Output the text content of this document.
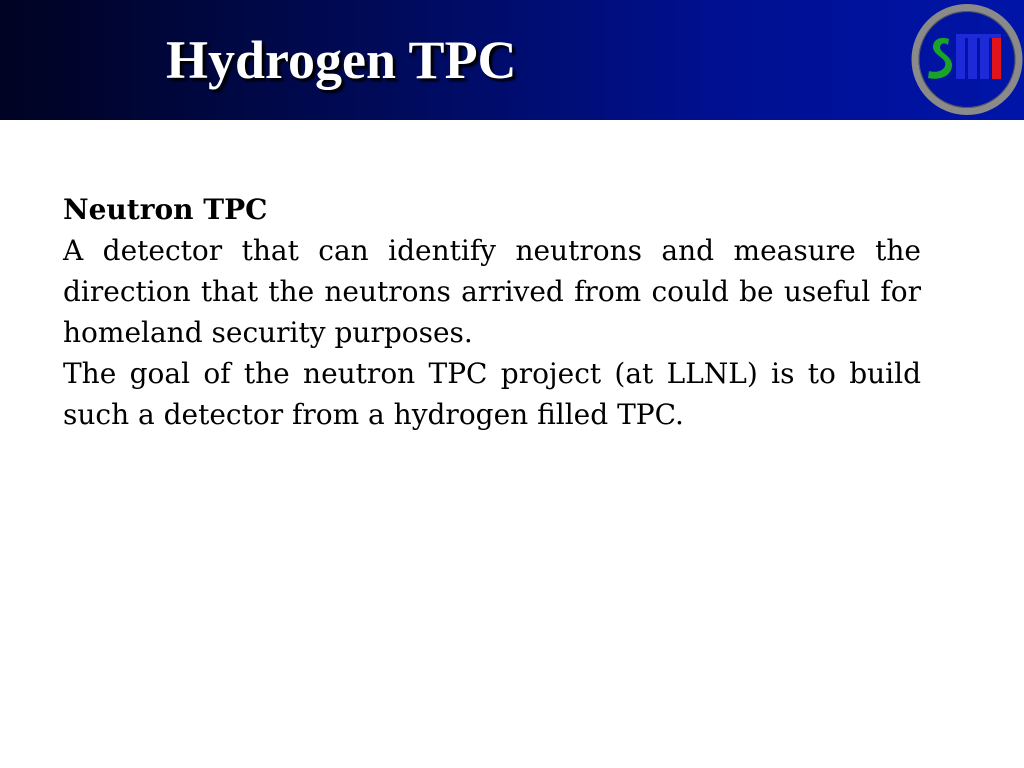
Hydrogen TPC

Neutron TPC

A detector that can identify neutrons and measure the direction that the neutrons arrived from could be useful for homeland security purposes.

The goal of the neutron TPC project (at LLNL) is to build such a detector from a hydrogen filled TPC.
